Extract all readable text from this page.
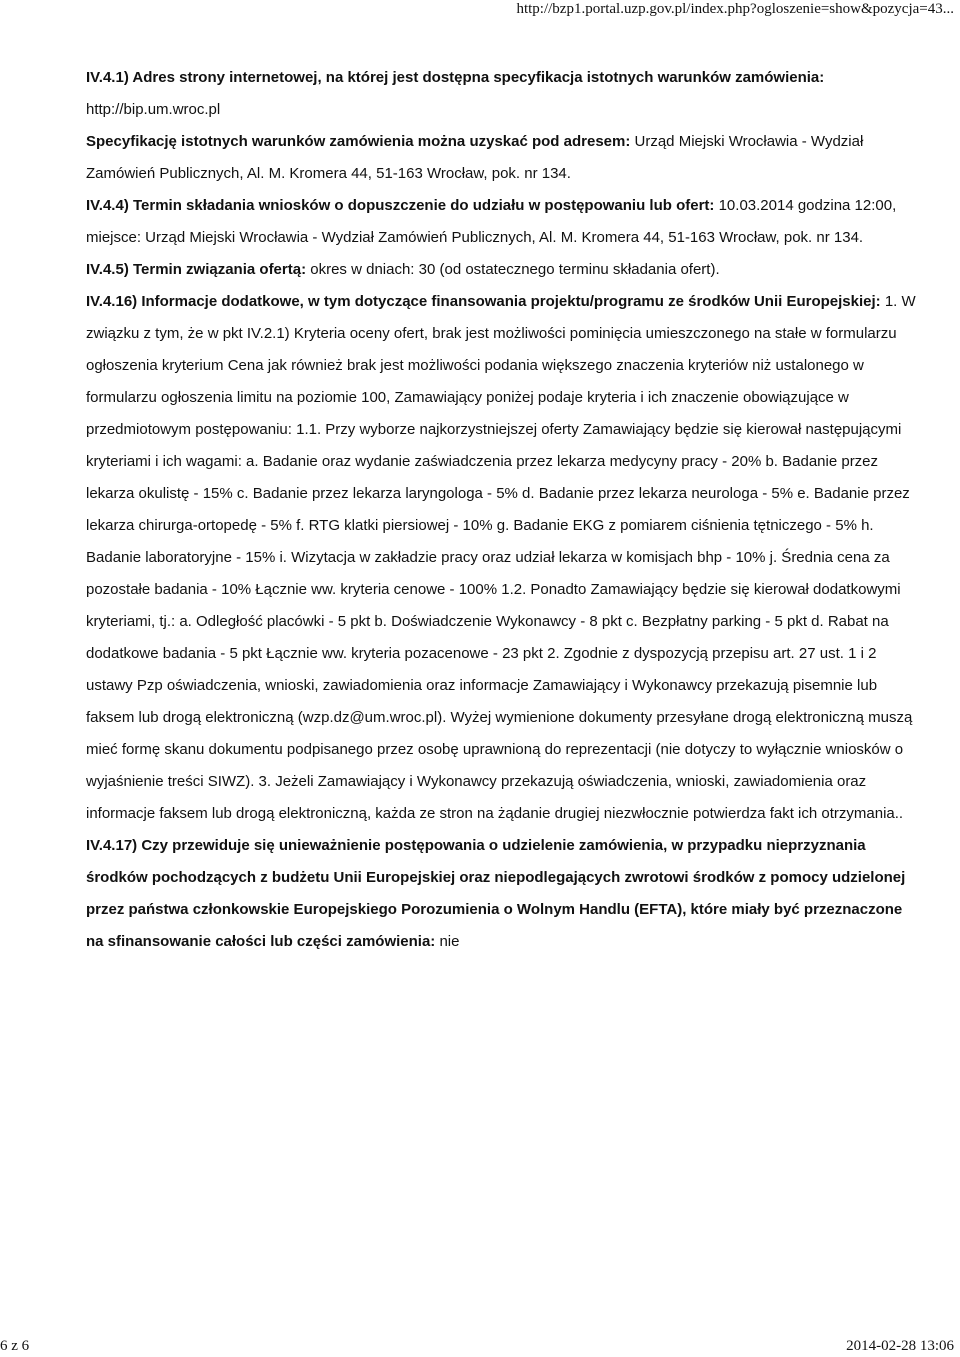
http://bzp1.portal.uzp.gov.pl/index.php?ogloszenie=show&pozycja=43...

IV.4.1) Adres strony internetowej, na której jest dostępna specyfikacja istotnych warunków zamówienia: http://bip.um.wroc.pl

Specyfikację istotnych warunków zamówienia można uzyskać pod adresem: Urząd Miejski Wrocławia - Wydział Zamówień Publicznych, Al. M. Kromera 44, 51-163 Wrocław, pok. nr 134.

IV.4.4) Termin składania wniosków o dopuszczenie do udziału w postępowaniu lub ofert: 10.03.2014 godzina 12:00, miejsce: Urząd Miejski Wrocławia - Wydział Zamówień Publicznych, Al. M. Kromera 44, 51-163 Wrocław, pok. nr 134.

IV.4.5) Termin związania ofertą: okres w dniach: 30 (od ostatecznego terminu składania ofert).

IV.4.16) Informacje dodatkowe, w tym dotyczące finansowania projektu/programu ze środków Unii Europejskiej: 1. W związku z tym, że w pkt IV.2.1) Kryteria oceny ofert, brak jest możliwości pominięcia umieszczonego na stałe w formularzu ogłoszenia kryterium Cena jak również brak jest możliwości podania większego znaczenia kryteriów niż ustalonego w formularzu ogłoszenia limitu na poziomie 100, Zamawiający poniżej podaje kryteria i ich znaczenie obowiązujące w przedmiotowym postępowaniu: 1.1. Przy wyborze najkorzystniejszej oferty Zamawiający będzie się kierował następującymi kryteriami i ich wagami: a. Badanie oraz wydanie zaświadczenia przez lekarza medycyny pracy - 20% b. Badanie przez lekarza okulistę - 15% c. Badanie przez lekarza laryngologa - 5% d. Badanie przez lekarza neurologa - 5% e. Badanie przez lekarza chirurga-ortopedę - 5% f. RTG klatki piersiowej - 10% g. Badanie EKG z pomiarem ciśnienia tętniczego - 5% h. Badanie laboratoryjne - 15% i. Wizytacja w zakładzie pracy oraz udział lekarza w komisjach bhp - 10% j. Średnia cena za pozostałe badania - 10% Łącznie ww. kryteria cenowe - 100% 1.2. Ponadto Zamawiający będzie się kierował dodatkowymi kryteriami, tj.: a. Odległość placówki - 5 pkt b. Doświadczenie Wykonawcy - 8 pkt c. Bezpłatny parking - 5 pkt d. Rabat na dodatkowe badania - 5 pkt Łącznie ww. kryteria pozacenowe - 23 pkt 2. Zgodnie z dyspozycją przepisu art. 27 ust. 1 i 2 ustawy Pzp oświadczenia, wnioski, zawiadomienia oraz informacje Zamawiający i Wykonawcy przekazują pisemnie lub faksem lub drogą elektroniczną (wzp.dz@um.wroc.pl). Wyżej wymienione dokumenty przesyłane drogą elektroniczną muszą mieć formę skanu dokumentu podpisanego przez osobę uprawnioną do reprezentacji (nie dotyczy to wyłącznie wniosków o wyjaśnienie treści SIWZ). 3. Jeżeli Zamawiający i Wykonawcy przekazują oświadczenia, wnioski, zawiadomienia oraz informacje faksem lub drogą elektroniczną, każda ze stron na żądanie drugiej niezwłocznie potwierdza fakt ich otrzymania..

IV.4.17) Czy przewiduje się unieważnienie postępowania o udzielenie zamówienia, w przypadku nieprzyznania środków pochodzących z budżetu Unii Europejskiej oraz niepodlegających zwrotowi środków z pomocy udzielonej przez państwa członkowskie Europejskiego Porozumienia o Wolnym Handlu (EFTA), które miały być przeznaczone na sfinansowanie całości lub części zamówienia: nie

6 z 6	2014-02-28 13:06
